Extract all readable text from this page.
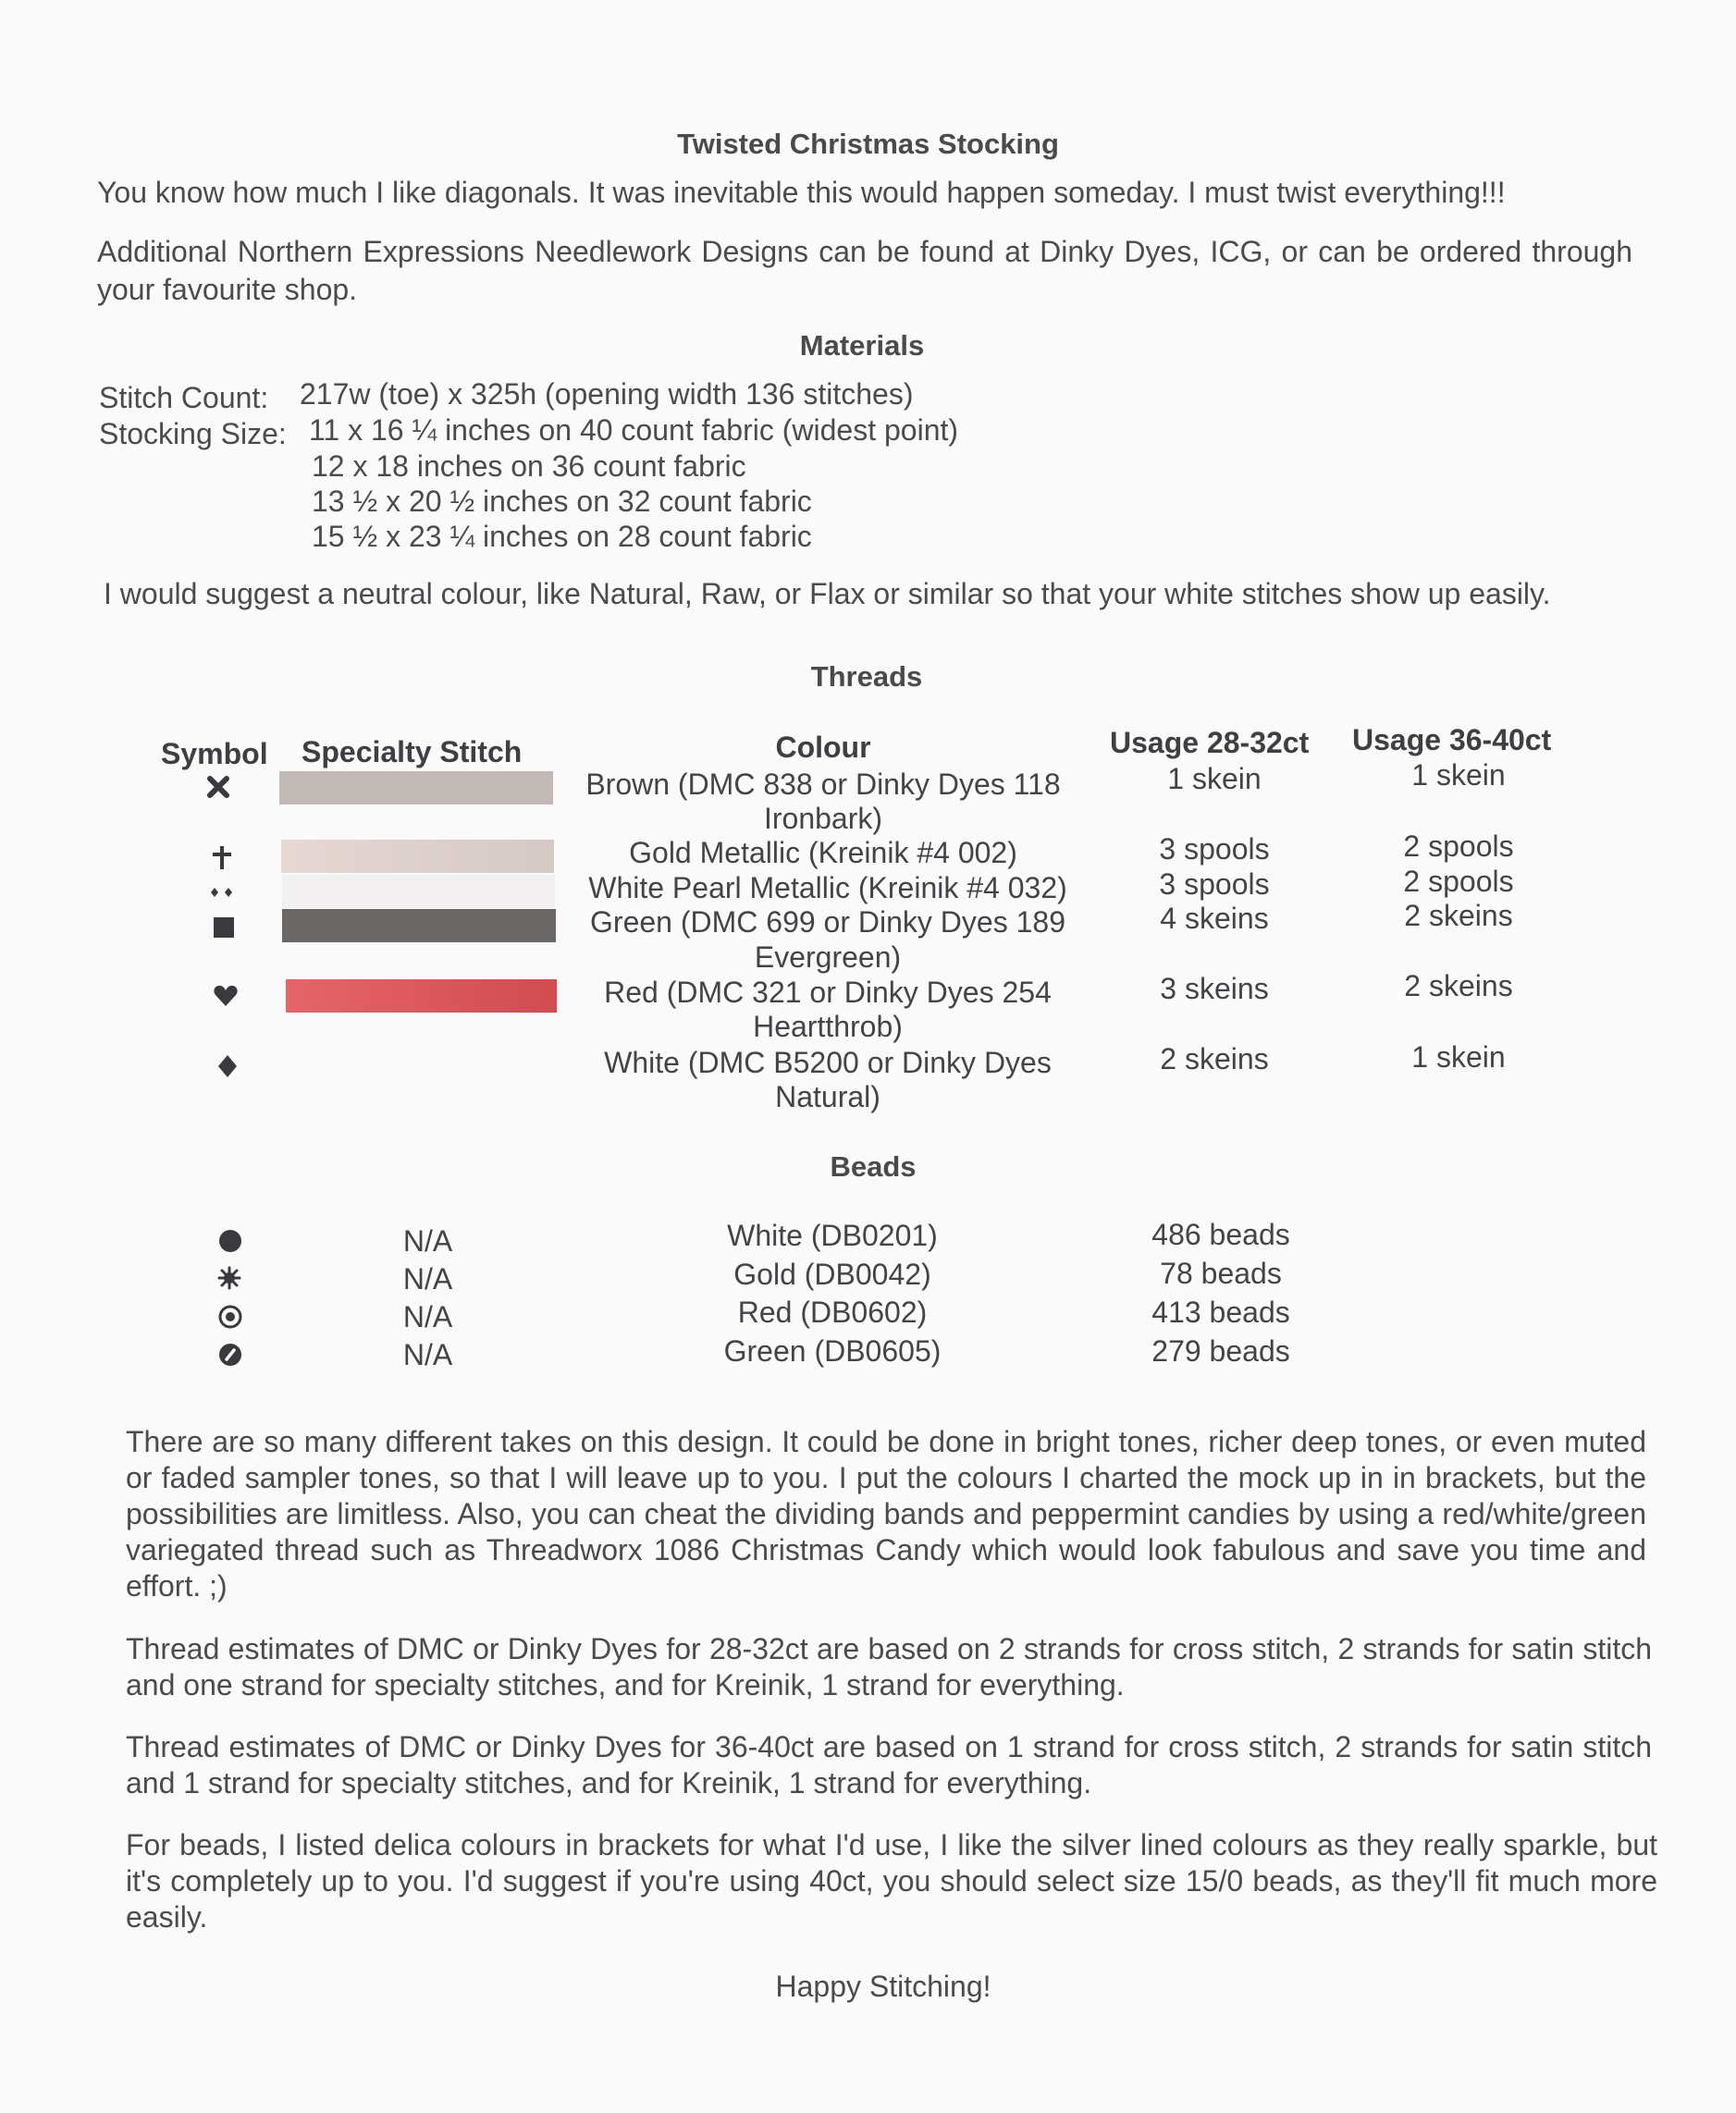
Twisted Christmas Stocking
You know how much I like diagonals. It was inevitable this would happen someday. I must twist everything!!!
Additional Northern Expressions Needlework Designs can be found at Dinky Dyes, ICG, or can be ordered through your favourite shop.
Materials
Stitch Count: 217w (toe) x 325h (opening width 136 stitches)
Stocking Size: 11 x 16 ¼ inches on 40 count fabric (widest point)
12 x 18 inches on 36 count fabric
13 ½ x 20 ½ inches on 32 count fabric
15 ½ x 23 ¼ inches on 28 count fabric
I would suggest a neutral colour, like Natural, Raw, or Flax or similar so that your white stitches show up easily.
Threads
Symbol Specialty Stitch	Colour	Usage 28-32ct Usage 36-40ct
Brown (DMC 838 or Dinky Dyes 118
Ironbark)
1 skein	1 skein
Gold Metallic (Kreinik #4 002)	3 spools	2 spools
White Pearl Metallic (Kreinik #4 032)	3 spools	2 spools
Green (DMC 699 or Dinky Dyes 189
Evergreen)
4 skeins	2 skeins
Red (DMC 321 or Dinky Dyes 254
Heartthrob)
3 skeins	2 skeins
White (DMC B5200 or Dinky Dyes
Natural)
2 skeins	1 skein
Beads
N/A	White (DB0201)	486 beads
N/A	Gold (DB0042)	78 beads
N/A	Red (DB0602)	413 beads
N/A	Green (DB0605)	279 beads
There are so many different takes on this design. It could be done in bright tones, richer deep tones, or even muted or faded sampler tones, so that I will leave up to you. I put the colours I charted the mock up in in brackets, but the possibilities are limitless. Also, you can cheat the dividing bands and peppermint candies by using a red/white/green variegated thread such as Threadworx 1086 Christmas Candy which would look fabulous and save you time and effort. ;)
Thread estimates of DMC or Dinky Dyes for 28-32ct are based on 2 strands for cross stitch, 2 strands for satin stitch and one strand for specialty stitches, and for Kreinik, 1 strand for everything.
Thread estimates of DMC or Dinky Dyes for 36-40ct are based on 1 strand for cross stitch, 2 strands for satin stitch and 1 strand for specialty stitches, and for Kreinik, 1 strand for everything.
For beads, I listed delica colours in brackets for what I'd use, I like the silver lined colours as they really sparkle, but it's completely up to you. I'd suggest if you're using 40ct, you should select size 15/0 beads, as they'll fit much more easily.
Happy Stitching!
